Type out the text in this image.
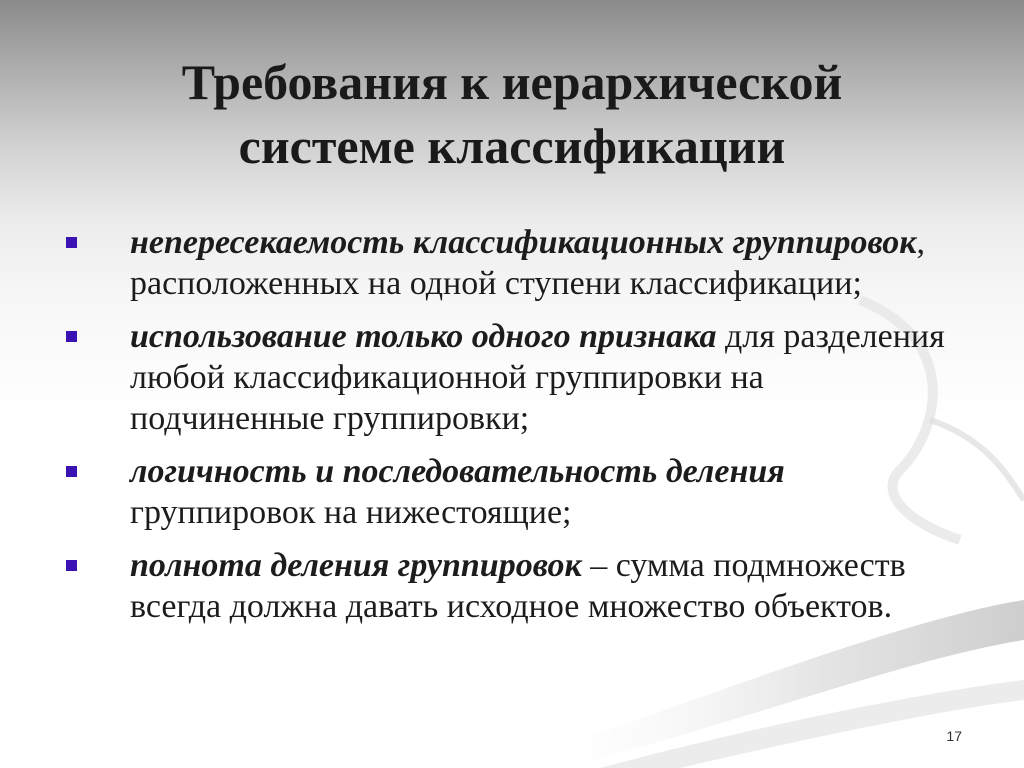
Требования к иерархической
системе классификации
непересекаемость классификационных группировок, расположенных на одной ступени классификации;
использование только одного признака для разделения любой классификационной группировки на подчиненные группировки;
логичность и последовательность деления группировок на нижестоящие;
полнота деления группировок – сумма подмножеств всегда должна давать исходное множество объектов.
17
